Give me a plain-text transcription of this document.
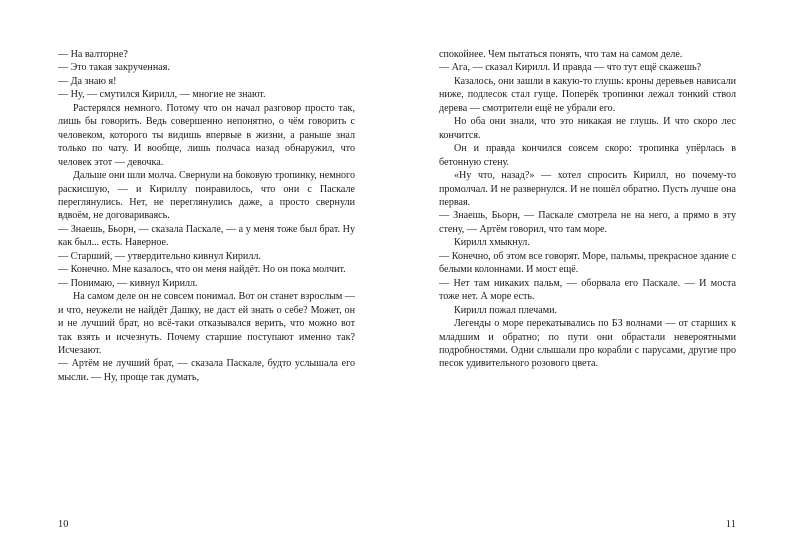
— На валторне?

— Это такая закрученная.

— Да знаю я!

— Ну, — смутился Кирилл, — многие не знают.

Растерялся немного. Потому что он начал разговор просто так, лишь бы говорить. Ведь совершенно непонятно, о чём говорить с человеком, которого ты видишь впервые в жизни, а раньше знал только по чату. И вообще, лишь полчаса назад обнаружил, что человек этот — девочка.

Дальше они шли молча. Свернули на боковую тропинку, немного раскисшую, — и Кириллу понравилось, что они с Паскале переглянулись. Нет, не переглянулись даже, а просто свернули вдвоём, не договариваясь.

— Знаешь, Бьорн, — сказала Паскале, — а у меня тоже был брат. Ну как был... есть. Наверное.

— Старший, — утвердительно кивнул Кирилл.

— Конечно. Мне казалось, что он меня найдёт. Но он пока молчит.

— Понимаю, — кивнул Кирилл.

На самом деле он не совсем понимал. Вот он станет взрослым — и что, неужели не найдёт Дашку, не даст ей знать о себе? Может, он и не лучший брат, но всё-таки отказывался верить, что можно вот так взять и исчезнуть. Почему старшие поступают именно так? Исчезают.

— Артём не лучший брат, — сказала Паскале, будто услышала его мысли. — Ну, проще так думать,

10

спокойнее. Чем пытаться понять, что там на самом деле.

— Ага, — сказал Кирилл. И правда — что тут ещё скажешь?

Казалось, они зашли в какую-то глушь: кроны деревьев нависали ниже, подлесок стал гуще. Поперёк тропинки лежал тонкий ствол дерева — смотрители ещё не убрали его.

Но оба они знали, что это никакая не глушь. И что скоро лес кончится.

Он и правда кончился совсем скоро: тропинка упёрлась в бетонную стену.

«Ну что, назад?» — хотел спросить Кирилл, но почему-то промолчал. И не развернулся. И не пошёл обратно. Пусть лучше она первая.

— Знаешь, Бьорн, — Паскале смотрела не на него, а прямо в эту стену, — Артём говорил, что там море.

Кирилл хмыкнул.

— Конечно, об этом все говорят. Море, пальмы, прекрасное здание с белыми колоннами. И мост ещё.

— Нет там никаких пальм, — оборвала его Паскале. — И моста тоже нет. А море есть.

Кирилл пожал плечами.

Легенды о море перекатывались по БЗ волнами — от старших к младшим и обратно; по пути они обрастали невероятными подробностями. Одни слышали про корабли с парусами, другие про песок удивительного розового цвета.

11
